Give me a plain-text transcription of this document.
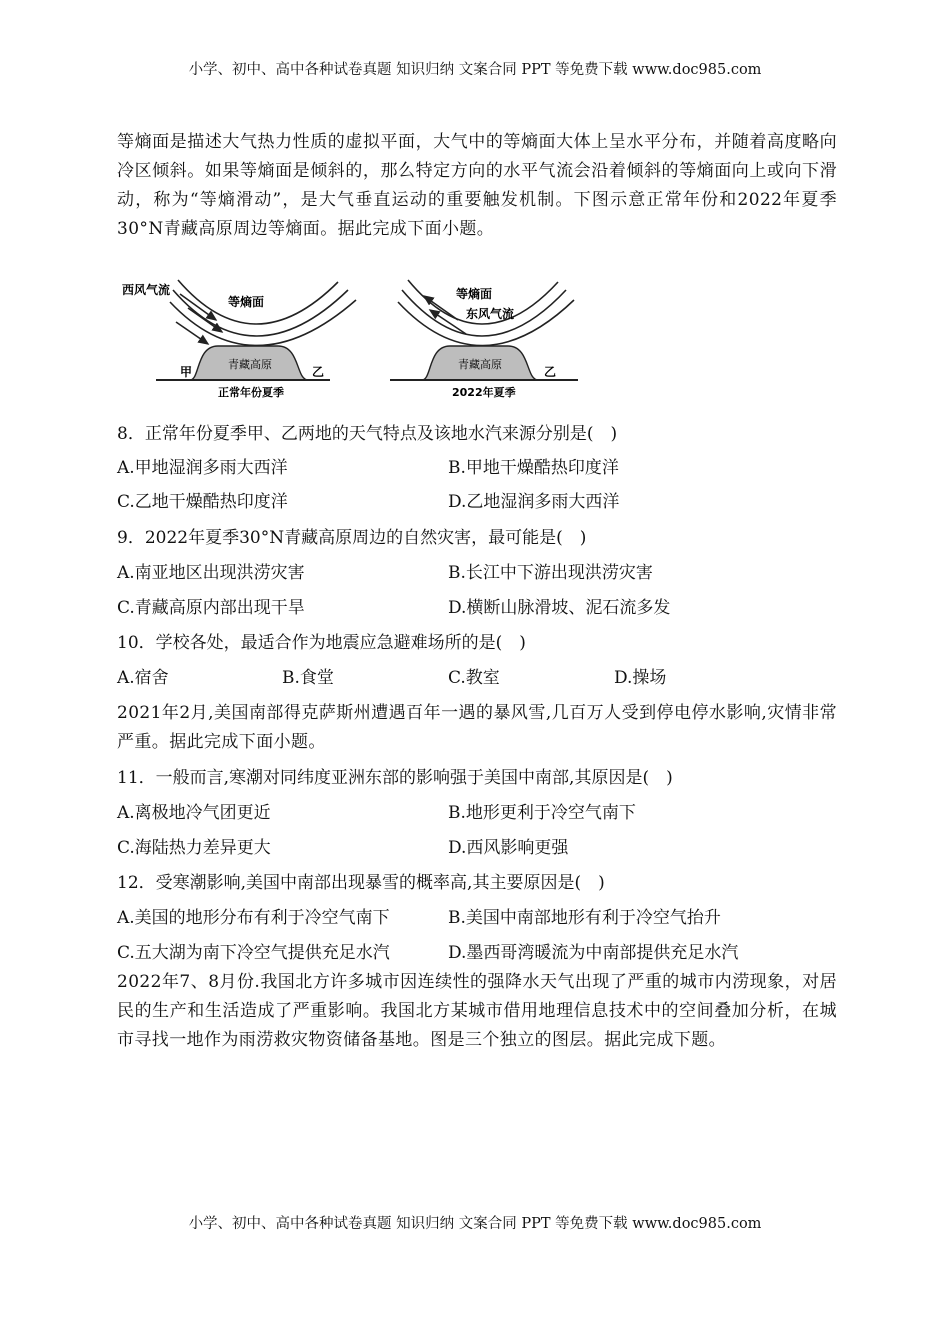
小学、初中、高中各种试卷真题 知识归纳 文案合同 PPT 等免费下载 www.doc985.com
等熵面是描述大气热力性质的虚拟平面，大气中的等熵面大体上呈水平分布，并随着高度略向冷区倾斜。如果等熵面是倾斜的，那么特定方向的水平气流会沿着倾斜的等熵面向上或向下滑动，称为“等熵滑动”，是大气垂直运动的重要触发机制。下图示意正常年份和2022年夏季30°N青藏高原周边等熵面。据此完成下面小题。
西风气流
等熵面
青藏高原
甲	乙
正常年份夏季
等熵面
东风气流
青藏高原
乙
2022年夏季
8．正常年份夏季甲、乙两地的天气特点及该地水汽来源分别是(　)
A.甲地湿润多雨大西洋	B.甲地干燥酷热印度洋
C.乙地干燥酷热印度洋	D.乙地湿润多雨大西洋
9．2022年夏季30°N青藏高原周边的自然灾害，最可能是(　)
A.南亚地区出现洪涝灾害	B.长江中下游出现洪涝灾害
C.青藏高原内部出现干旱	D.横断山脉滑坡、泥石流多发
10．学校各处，最适合作为地震应急避难场所的是(　)
A.宿舍	B.食堂	C.教室	D.操场
2021年2月,美国南部得克萨斯州遭遇百年一遇的暴风雪,几百万人受到停电停水影响,灾情非常严重。据此完成下面小题。
11．一般而言,寒潮对同纬度亚洲东部的影响强于美国中南部,其原因是(　)
A.离极地冷气团更近	B.地形更利于冷空气南下
C.海陆热力差异更大	D.西风影响更强
12．受寒潮影响,美国中南部出现暴雪的概率高,其主要原因是(　)
A.美国的地形分布有利于冷空气南下	B.美国中南部地形有利于冷空气抬升
C.五大湖为南下冷空气提供充足水汽	D.墨西哥湾暖流为中南部提供充足水汽
2022年7、8月份.我国北方许多城市因连续性的强降水天气出现了严重的城市内涝现象，对居民的生产和生活造成了严重影响。我国北方某城市借用地理信息技术中的空间叠加分析，在城市寻找一地作为雨涝救灾物资储备基地。图是三个独立的图层。据此完成下题。
小学、初中、高中各种试卷真题 知识归纳 文案合同 PPT 等免费下载 www.doc985.com
